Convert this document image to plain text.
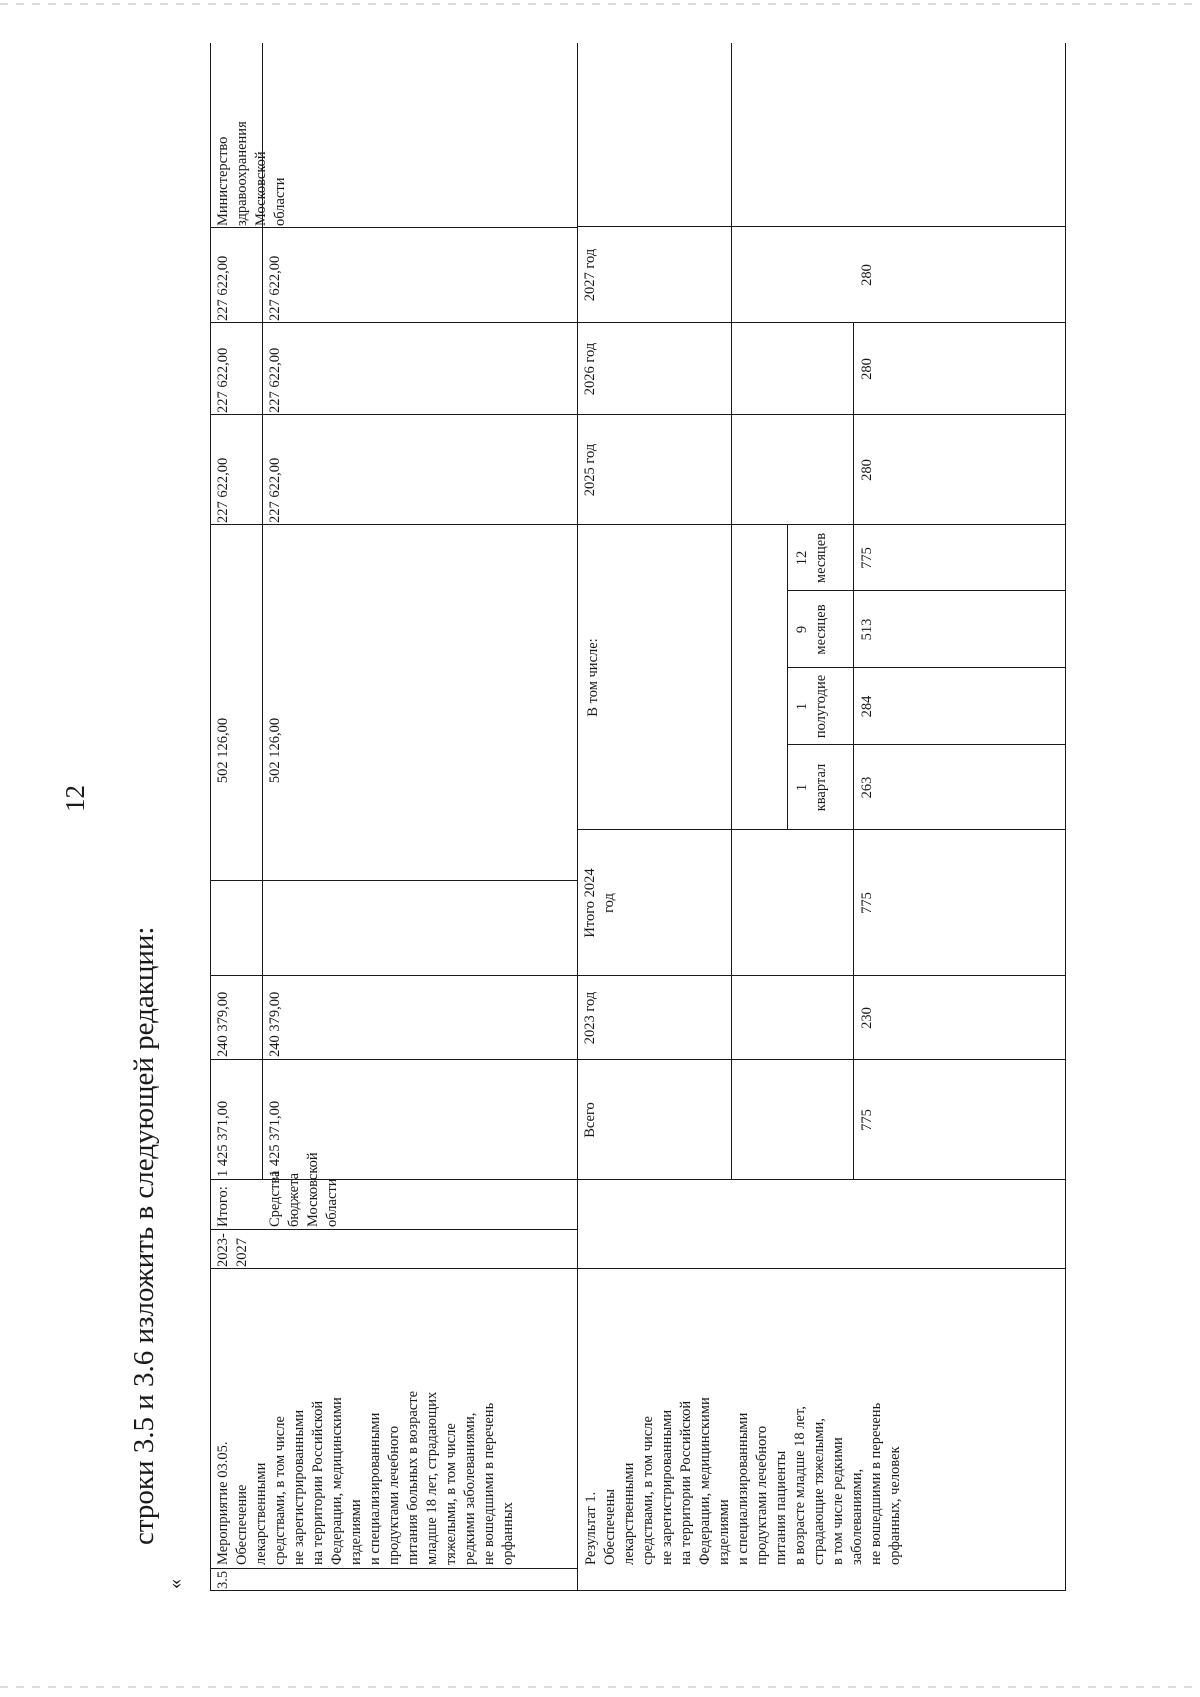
12
строки 3.5 и 3.6 изложить в следующей редакции:
« 3.5
Мероприятие 03.05.
Обеспечение
лекарственными
средствами, в том числе
не зарегистрированными
на территории Российской
Федерации, медицинскими
изделиями
и специализированными
продуктами лечебного
питания больных в возрасте
младше 18 лет, страдающих
тяжелыми, в том числе
редкими заболеваниями,
не вошедшими в перечень
орфанных
2023-
2027
Итого: Средства
бюджета
Московской
области
1 425 371,00
240 379,00
502 126,00
227 622,00
227 622,00
227 622,00
1 425 371,00
240 379,00
502 126,00
227 622,00
227 622,00
227 622,00
Министерство
здравоохранения
Московской
области
Результат 1.
Обеспечены
лекарственными
средствами, в том числе
не зарегистрированными
на территории Российской
Федерации, медицинскими
изделиями
и специализированными
продуктами лечебного
питания пациенты
в возрасте младше 18 лет,
страдающие тяжелыми,
в том числе редкими
заболеваниями,
не вошедшими в перечень
орфанных, человек
Всего
2023 год
Итого 2024
год
В том числе:
1
квартал
1
полугодие
9
месяцев
12
месяцев
2025 год
2026 год
2027 год
775
230
775
263
284
513
775
280
280
280
